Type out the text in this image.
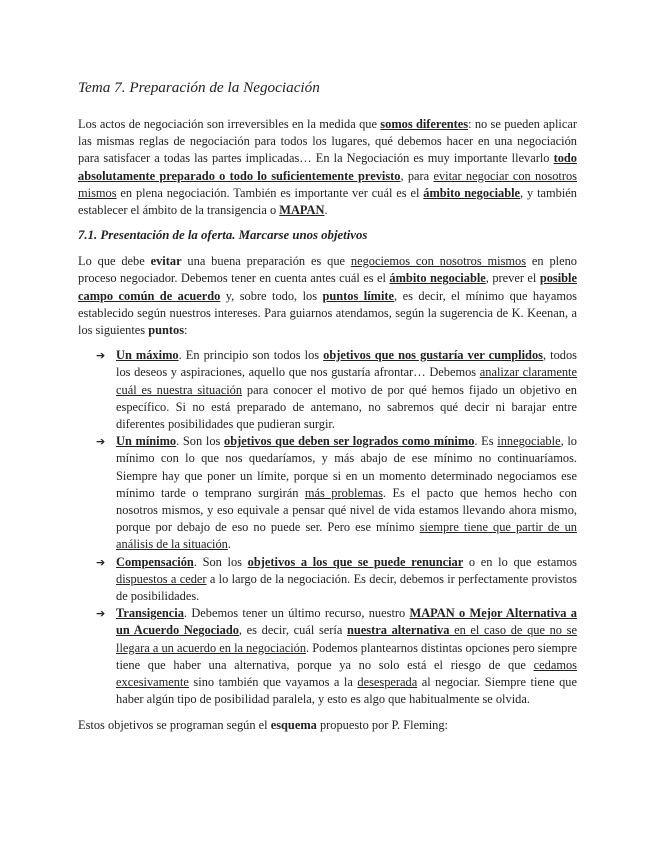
Tema 7. Preparación de la Negociación

Los actos de negociación son irreversibles en la medida que somos diferentes: no se pueden aplicar las mismas reglas de negociación para todos los lugares, qué debemos hacer en una negociación para satisfacer a todas las partes implicadas… En la Negociación es muy importante llevarlo todo absolutamente preparado o todo lo suficientemente previsto, para evitar negociar con nosotros mismos en plena negociación. También es importante ver cuál es el ámbito negociable, y también establecer el ámbito de la transigencia o MAPAN.

7.1. Presentación de la oferta. Marcarse unos objetivos

Lo que debe evitar una buena preparación es que negociemos con nosotros mismos en pleno proceso negociador. Debemos tener en cuenta antes cuál es el ámbito negociable, prever el posible campo común de acuerdo y, sobre todo, los puntos límite, es decir, el mínimo que hayamos establecido según nuestros intereses. Para guiarnos atendamos, según la sugerencia de K. Keenan, a los siguientes puntos:

➔ Un máximo. En principio son todos los objetivos que nos gustaría ver cumplidos, todos los deseos y aspiraciones, aquello que nos gustaría afrontar… Debemos analizar claramente cuál es nuestra situación para conocer el motivo de por qué hemos fijado un objetivo en específico. Si no está preparado de antemano, no sabremos qué decir ni barajar entre diferentes posibilidades que pudieran surgir.
➔ Un mínimo. Son los objetivos que deben ser logrados como mínimo. Es innegociable, lo mínimo con lo que nos quedaríamos, y más abajo de ese mínimo no continuaríamos. Siempre hay que poner un límite, porque si en un momento determinado negociamos ese mínimo tarde o temprano surgirán más problemas. Es el pacto que hemos hecho con nosotros mismos, y eso equivale a pensar qué nivel de vida estamos llevando ahora mismo, porque por debajo de eso no puede ser. Pero ese mínimo siempre tiene que partir de un análisis de la situación.
➔ Compensación. Son los objetivos a los que se puede renunciar o en lo que estamos dispuestos a ceder a lo largo de la negociación. Es decir, debemos ir perfectamente provistos de posibilidades.
➔ Transigencia. Debemos tener un último recurso, nuestro MAPAN o Mejor Alternativa a un Acuerdo Negociado, es decir, cuál sería nuestra alternativa en el caso de que no se llegara a un acuerdo en la negociación. Podemos plantearnos distintas opciones pero siempre tiene que haber una alternativa, porque ya no solo está el riesgo de que cedamos excesivamente sino también que vayamos a la desesperada al negociar. Siempre tiene que haber algún tipo de posibilidad paralela, y esto es algo que habitualmente se olvida.

Estos objetivos se programan según el esquema propuesto por P. Fleming:
